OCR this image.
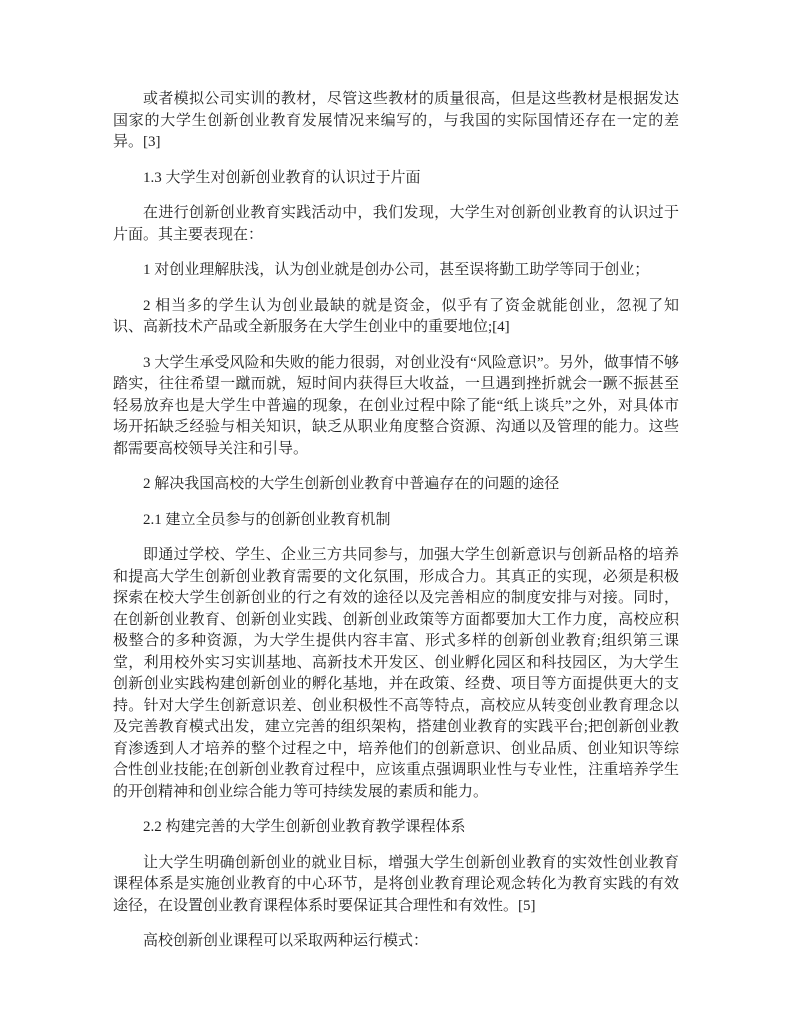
或者模拟公司实训的教材，尽管这些教材的质量很高，但是这些教材是根据发达国家的大学生创新创业教育发展情况来编写的，与我国的实际国情还存在一定的差异。[3]

1.3 大学生对创新创业教育的认识过于片面

在进行创新创业教育实践活动中，我们发现，大学生对创新创业教育的认识过于片面。其主要表现在：

1 对创业理解肤浅，认为创业就是创办公司，甚至误将勤工助学等同于创业；

2 相当多的学生认为创业最缺的就是资金，似乎有了资金就能创业，忽视了知识、高新技术产品或全新服务在大学生创业中的重要地位;[4]

3 大学生承受风险和失败的能力很弱，对创业没有“风险意识”。另外，做事情不够踏实，往往希望一蹴而就，短时间内获得巨大收益，一旦遇到挫折就会一蹶不振甚至轻易放弃也是大学生中普遍的现象，在创业过程中除了能“纸上谈兵”之外，对具体市场开拓缺乏经验与相关知识，缺乏从职业角度整合资源、沟通以及管理的能力。这些都需要高校领导关注和引导。

2 解决我国高校的大学生创新创业教育中普遍存在的问题的途径

2.1 建立全员参与的创新创业教育机制

即通过学校、学生、企业三方共同参与，加强大学生创新意识与创新品格的培养和提高大学生创新创业教育需要的文化氛围，形成合力。其真正的实现，必须是积极探索在校大学生创新创业的行之有效的途径以及完善相应的制度安排与对接。同时，在创新创业教育、创新创业实践、创新创业政策等方面都要加大工作力度，高校应积极整合的多种资源，为大学生提供内容丰富、形式多样的创新创业教育;组织第三课堂，利用校外实习实训基地、高新技术开发区、创业孵化园区和科技园区，为大学生创新创业实践构建创新创业的孵化基地，并在政策、经费、项目等方面提供更大的支持。针对大学生创新意识差、创业积极性不高等特点，高校应从转变创业教育理念以及完善教育模式出发，建立完善的组织架构，搭建创业教育的实践平台;把创新创业教育渗透到人才培养的整个过程之中，培养他们的创新意识、创业品质、创业知识等综合性创业技能;在创新创业教育过程中，应该重点强调职业性与专业性，注重培养学生的开创精神和创业综合能力等可持续发展的素质和能力。

2.2 构建完善的大学生创新创业教育教学课程体系

让大学生明确创新创业的就业目标，增强大学生创新创业教育的实效性创业教育课程体系是实施创业教育的中心环节，是将创业教育理论观念转化为教育实践的有效途径，在设置创业教育课程体系时要保证其合理性和有效性。[5]

高校创新创业课程可以采取两种运行模式：
